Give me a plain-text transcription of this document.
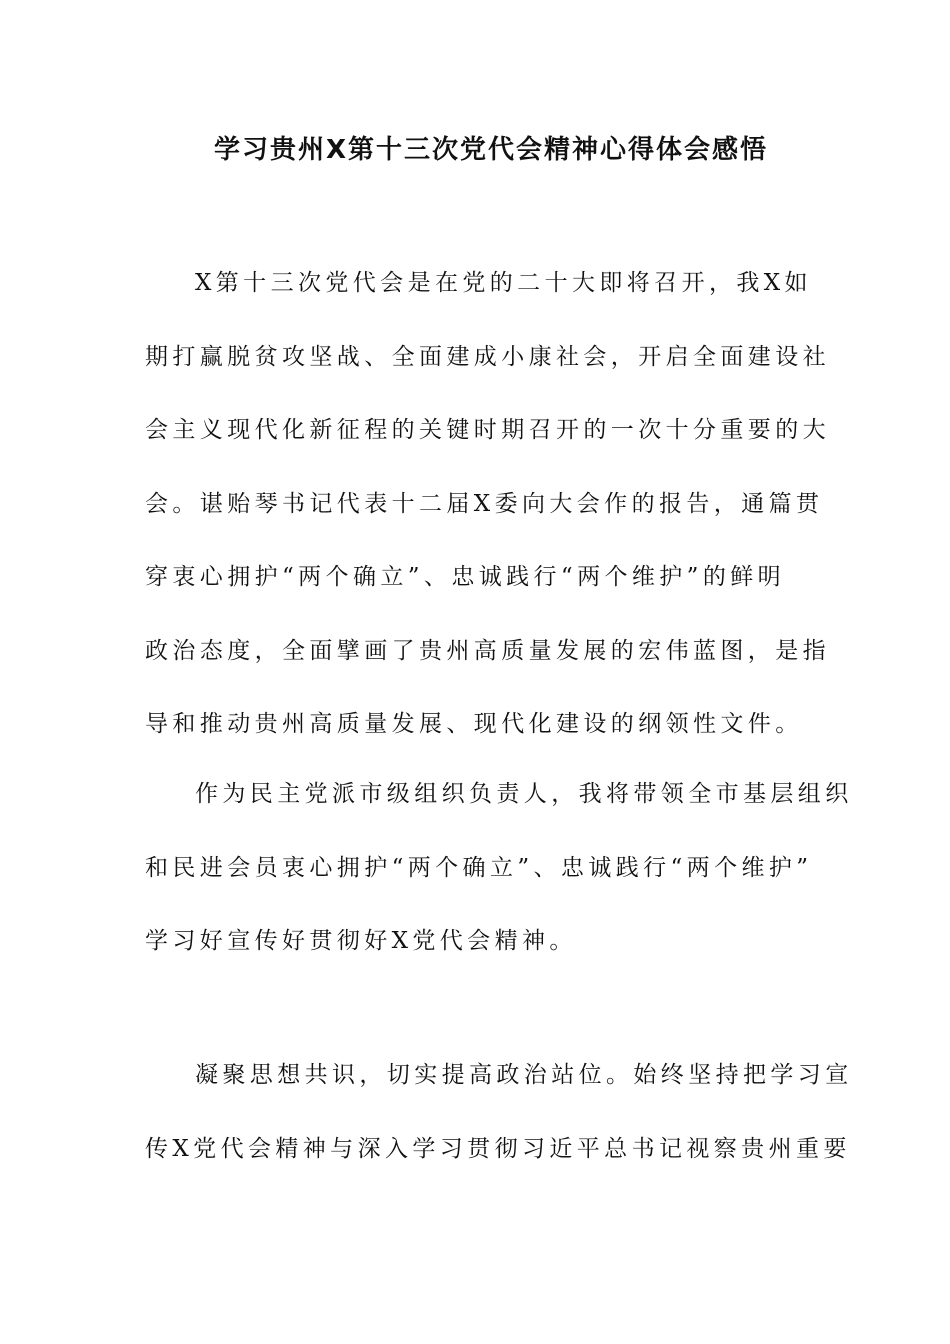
学习贵州X第十三次党代会精神心得体会感悟
X第十三次党代会是在党的二十大即将召开，我X如
期打赢脱贫攻坚战、全面建成小康社会，开启全面建设社
会主义现代化新征程的关键时期召开的一次十分重要的大
会。谌贻琴书记代表十二届X委向大会作的报告，通篇贯
穿衷心拥护“两个确立”、忠诚践行“两个维护”的鲜明
政治态度，全面擘画了贵州高质量发展的宏伟蓝图，是指
导和推动贵州高质量发展、现代化建设的纲领性文件。
作为民主党派市级组织负责人，我将带领全市基层组织
和民进会员衷心拥护“两个确立”、忠诚践行“两个维护”
学习好宣传好贯彻好X党代会精神。
凝聚思想共识，切实提高政治站位。始终坚持把学习宣
传X党代会精神与深入学习贯彻习近平总书记视察贵州重要
